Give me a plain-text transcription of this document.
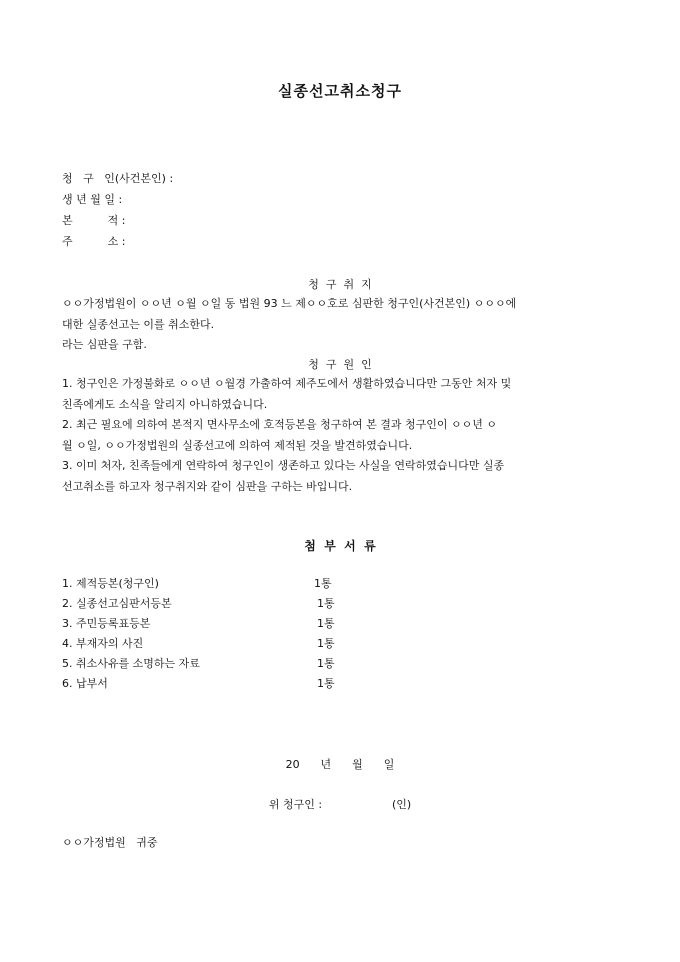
실종선고취소청구
청   구   인(사건본인) :
생 년 월 일 :
본          적 :
주          소 :
청  구  취  지
ㅇㅇ가정법원이 ㅇㅇ년 ㅇ월 ㅇ일 동 법원 93 느 제ㅇㅇ호로 심판한 청구인(사건본인) ㅇㅇㅇ에
대한 실종선고는 이를 취소한다.
라는 심판을 구함.
청  구  원  인
1. 청구인은 가정불화로 ㅇㅇ년 ㅇ월경 가출하여 제주도에서 생활하였습니다만 그동안 처자 및
친족에게도 소식을 알리지 아니하였습니다.
2. 최근 필요에 의하여 본적지 면사무소에 호적등본을 청구하여 본 결과 청구인이 ㅇㅇ년 ㅇ
월 ㅇ일, ㅇㅇ가정법원의 실종선고에 의하여 제적된 것을 발견하였습니다.
3. 이미 처자, 친족들에게 연락하여 청구인이 생존하고 있다는 사실을 연락하였습니다만 실종
선고취소를 하고자 청구취지와 같이 심판을 구하는 바입니다.
첨  부  서  류
1. 제적등본(청구인)	1통
2. 실종선고심판서등본	1통
3. 주민등록표등본	1통
4. 부재자의 사진	1통
5. 취소사유를 소명하는 자료	1통
6. 납부서	1통
20      년      월      일
위 청구인 :                    (인)
ㅇㅇ가정법원   귀중
